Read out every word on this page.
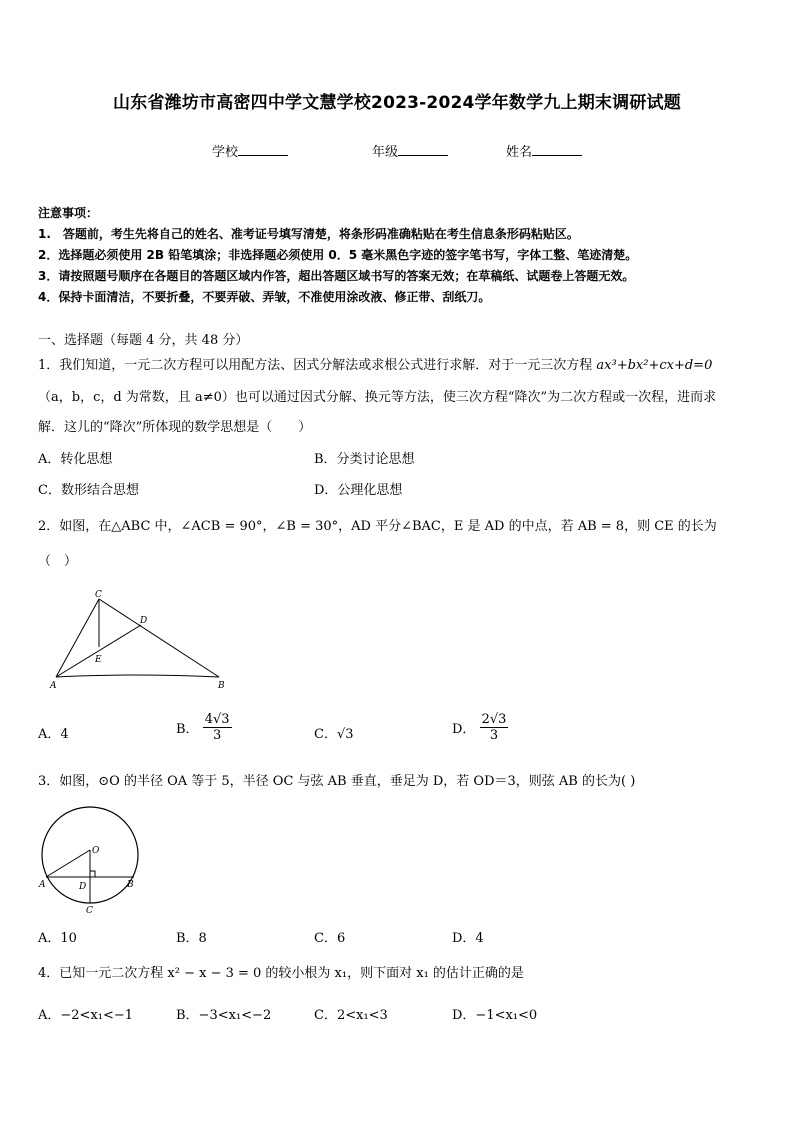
山东省潍坊市高密四中学文慧学校2023-2024学年数学九上期末调研试题
学校	年级	姓名
注意事项：
1.　答题前，考生先将自己的姓名、准考证号填写清楚，将条形码准确粘贴在考生信息条形码粘贴区。
2．选择题必须使用 2B 铅笔填涂；非选择题必须使用 0．5 毫米黑色字迹的签字笔书写，字体工整、笔迹清楚。
3．请按照题号顺序在各题目的答题区域内作答，超出答题区域书写的答案无效；在草稿纸、试题卷上答题无效。
4．保持卡面清洁，不要折叠，不要弄破、弄皱，不准使用涂改液、修正带、刮纸刀。
一、选择题（每题 4 分，共 48 分）
1．我们知道，一元二次方程可以用配方法、因式分解法或求根公式进行求解．对于一元三次方程 ax³+bx²+cx+d=0
（a，b，c，d 为常数，且 a≠0）也可以通过因式分解、换元等方法，使三次方程“降次”为二次方程或一次程，进而求
解．这儿的“降次”所体现的数学思想是（　　）
A．转化思想	B．分类讨论思想
C．数形结合思想	D．公理化思想
2．如图，在△ABC 中，∠ACB = 90°，∠B = 30°，AD 平分∠BAC，E 是 AD 的中点，若 AB = 8，则 CE 的长为
（　）
C
D
E
A	B
A．4	B． $\frac{4√3}{3}$	C．√3	D． $\frac{2√3}{3}$
3．如图，⊙O 的半径 OA 等于 5，半径 OC 与弦 AB 垂直，垂足为 D，若 OD＝3，则弦 AB 的长为( )
O
A	D	B
C
A．10	B．8	C．6	D．4
4．已知一元二次方程 x² − x − 3 = 0 的较小根为 x₁，则下面对 x₁ 的估计正确的是
A．−2<x₁<−1	B．−3<x₁<−2	C．2<x₁<3	D．−1<x₁<0
